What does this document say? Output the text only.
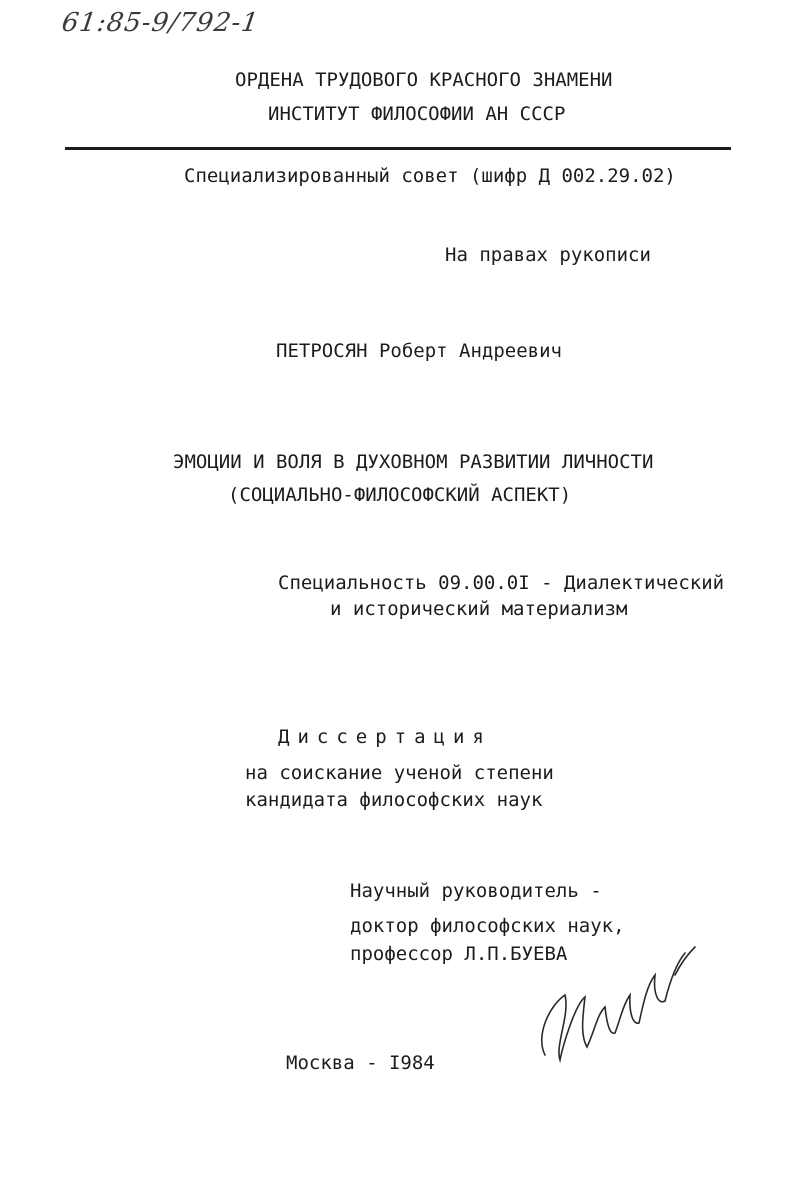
61:85-9/792-1
ОРДЕНА ТРУДОВОГО КРАСНОГО ЗНАМЕНИ
ИНСТИТУТ ФИЛОСОФИИ АН СССР
Специализированный совет (шифр Д 002.29.02)
На правах рукописи
ПЕТРОСЯН Роберт Андреевич
ЭМОЦИИ И ВОЛЯ В ДУХОВНОМ РАЗВИТИИ ЛИЧНОСТИ
(СОЦИАЛЬНО-ФИЛОСОФСКИЙ АСПЕКТ)
Специальность 09.00.0I - Диалектический
и исторический материализм
Диссертация
на соискание ученой степени
кандидата философских наук
Научный руководитель -
доктор философских наук,
профессор Л.П.БУЕВА
Москва - I984
